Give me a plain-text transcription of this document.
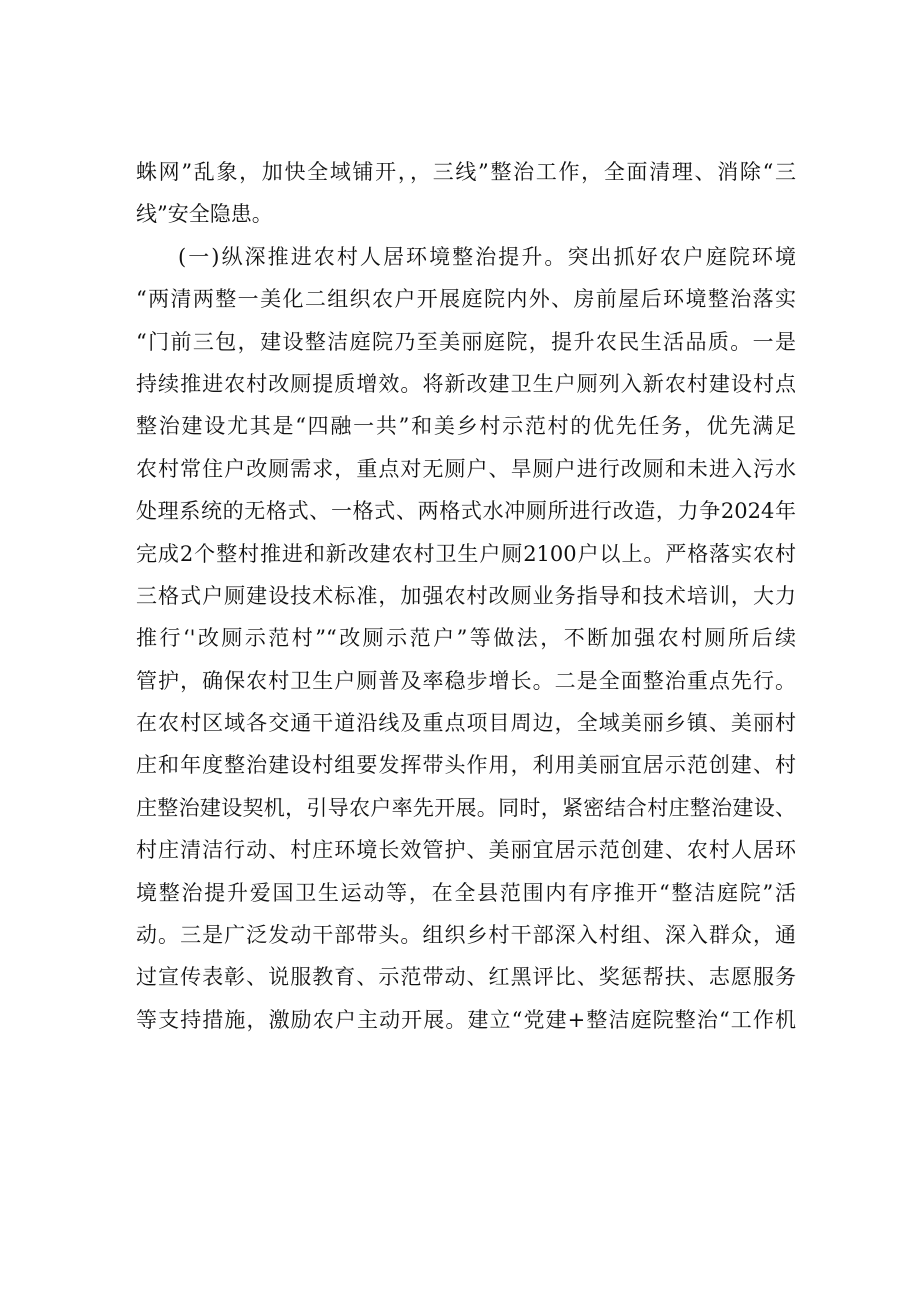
蛛网”乱象，加快全域铺开，，三线”整治工作，全面清理、消除“三
线”安全隐患。
(一)纵深推进农村人居环境整治提升。突出抓好农户庭院环境
“两清两整一美化二组织农户开展庭院内外、房前屋后环境整治落实
“门前三包，建设整洁庭院乃至美丽庭院，提升农民生活品质。一是
持续推进农村改厕提质增效。将新改建卫生户厕列入新农村建设村点
整治建设尤其是“四融一共”和美乡村示范村的优先任务，优先满足
农村常住户改厕需求，重点对无厕户、旱厕户进行改厕和未进入污水
处理系统的无格式、一格式、两格式水冲厕所进行改造，力争2024年
完成2个整村推进和新改建农村卫生户厕2100户以上。严格落实农村
三格式户厕建设技术标准，加强农村改厕业务指导和技术培训，大力
推行‘'改厕示范村”“改厕示范户”等做法，不断加强农村厕所后续
管护，确保农村卫生户厕普及率稳步增长。二是全面整治重点先行。
在农村区域各交通干道沿线及重点项目周边，全域美丽乡镇、美丽村
庄和年度整治建设村组要发挥带头作用，利用美丽宜居示范创建、村
庄整治建设契机，引导农户率先开展。同时，紧密结合村庄整治建设、
村庄清洁行动、村庄环境长效管护、美丽宜居示范创建、农村人居环
境整治提升爱国卫生运动等，在全县范围内有序推开“整洁庭院”活
动。三是广泛发动干部带头。组织乡村干部深入村组、深入群众，通
过宣传表彰、说服教育、示范带动、红黑评比、奖惩帮扶、志愿服务
等支持措施，激励农户主动开展。建立“党建+整洁庭院整治“工作机
